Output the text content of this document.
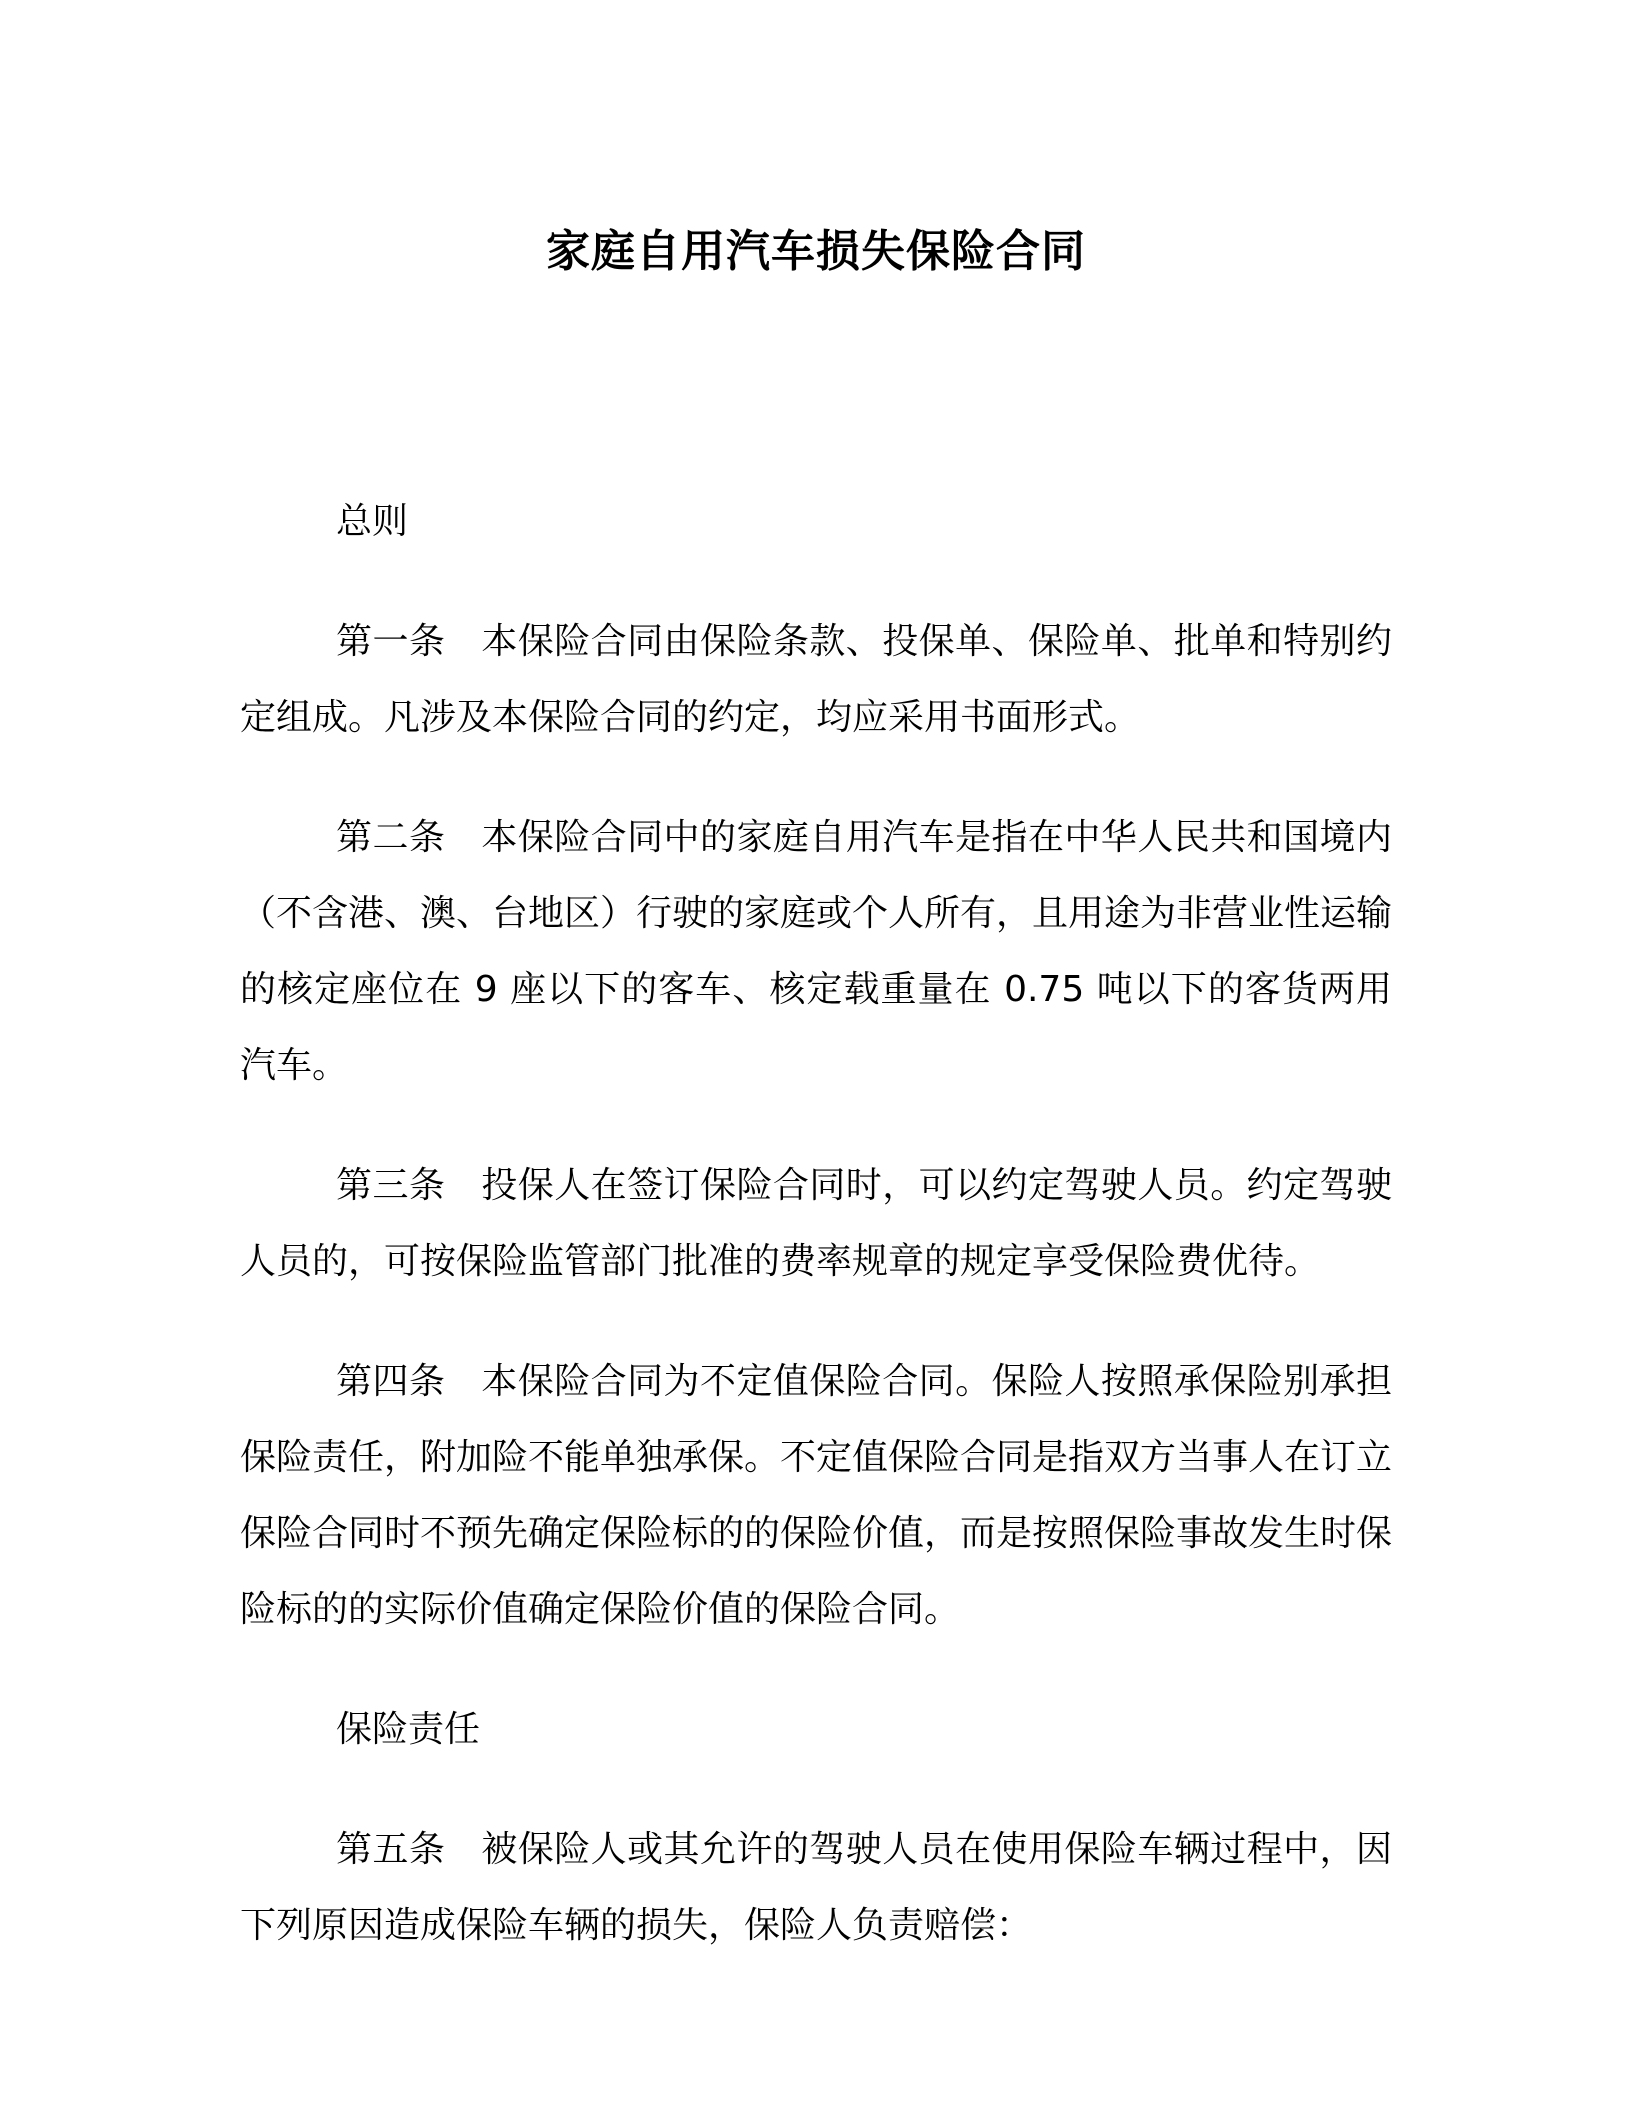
家庭自用汽车损失保险合同
总则
第一条 本保险合同由保险条款、投保单、保险单、批单和特别约定组成。凡涉及本保险合同的约定，均应采用书面形式。
第二条 本保险合同中的家庭自用汽车是指在中华人民共和国境内（不含港、澳、台地区）行驶的家庭或个人所有，且用途为非营业性运输的核定座位在 9 座以下的客车、核定载重量在 0.75 吨以下的客货两用汽车。
第三条 投保人在签订保险合同时，可以约定驾驶人员。约定驾驶人员的，可按保险监管部门批准的费率规章的规定享受保险费优待。
第四条 本保险合同为不定值保险合同。保险人按照承保险别承担保险责任，附加险不能单独承保。不定值保险合同是指双方当事人在订立保险合同时不预先确定保险标的的保险价值，而是按照保险事故发生时保险标的的实际价值确定保险价值的保险合同。
保险责任
第五条 被保险人或其允许的驾驶人员在使用保险车辆过程中，因下列原因造成保险车辆的损失，保险人负责赔偿：
